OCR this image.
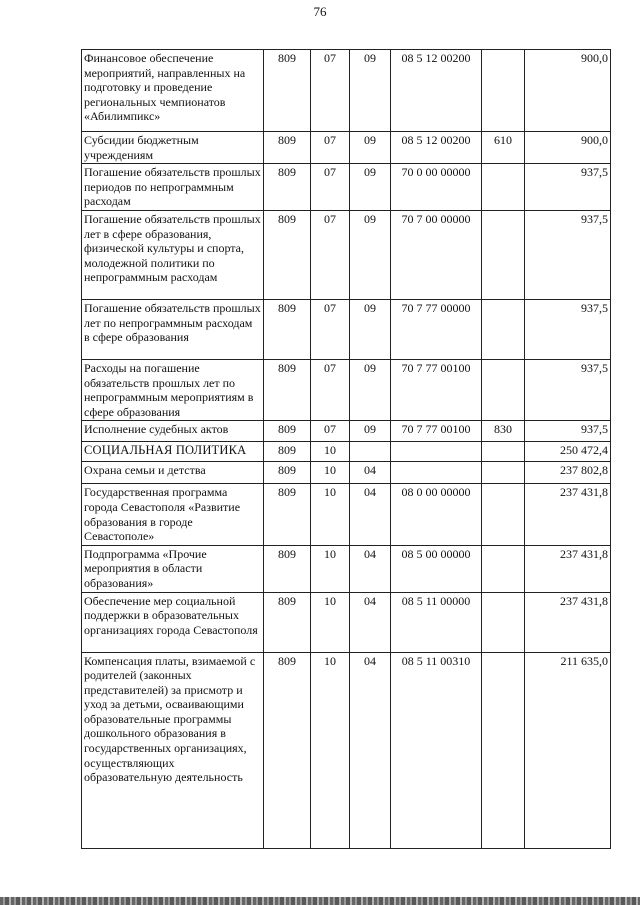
76
Финансовое обеспечение мероприятий, направленных на подготовку и проведение региональных чемпионатов «Абилимпикс»	809	07	09	08 5 12 00200		900,0
Субсидии бюджетным учреждениям	809	07	09	08 5 12 00200	610	900,0
Погашение обязательств прошлых периодов по непрограммным расходам	809	07	09	70 0 00 00000		937,5
Погашение обязательств прошлых лет в сфере образования, физической культуры и спорта, молодежной политики по непрограммным расходам	809	07	09	70 7 00 00000		937,5
Погашение обязательств прошлых лет по непрограммным расходам в сфере образования	809	07	09	70 7 77 00000		937,5
Расходы на погашение обязательств прошлых лет по непрограммным мероприятиям в сфере образования	809	07	09	70 7 77 00100		937,5
Исполнение судебных актов	809	07	09	70 7 77 00100	830	937,5
СОЦИАЛЬНАЯ ПОЛИТИКА	809	10				250 472,4
Охрана семьи и детства	809	10	04			237 802,8
Государственная программа города Севастополя «Развитие образования в городе Севастополе»	809	10	04	08 0 00 00000		237 431,8
Подпрограмма «Прочие мероприятия в области образования»	809	10	04	08 5 00 00000		237 431,8
Обеспечение мер социальной поддержки в образовательных организациях города Севастополя	809	10	04	08 5 11 00000		237 431,8
Компенсация платы, взимаемой с родителей (законных представителей) за присмотр и уход за детьми, осваивающими образовательные программы дошкольного образования в государственных организациях, осуществляющих образовательную деятельность	809	10	04	08 5 11 00310		211 635,0
